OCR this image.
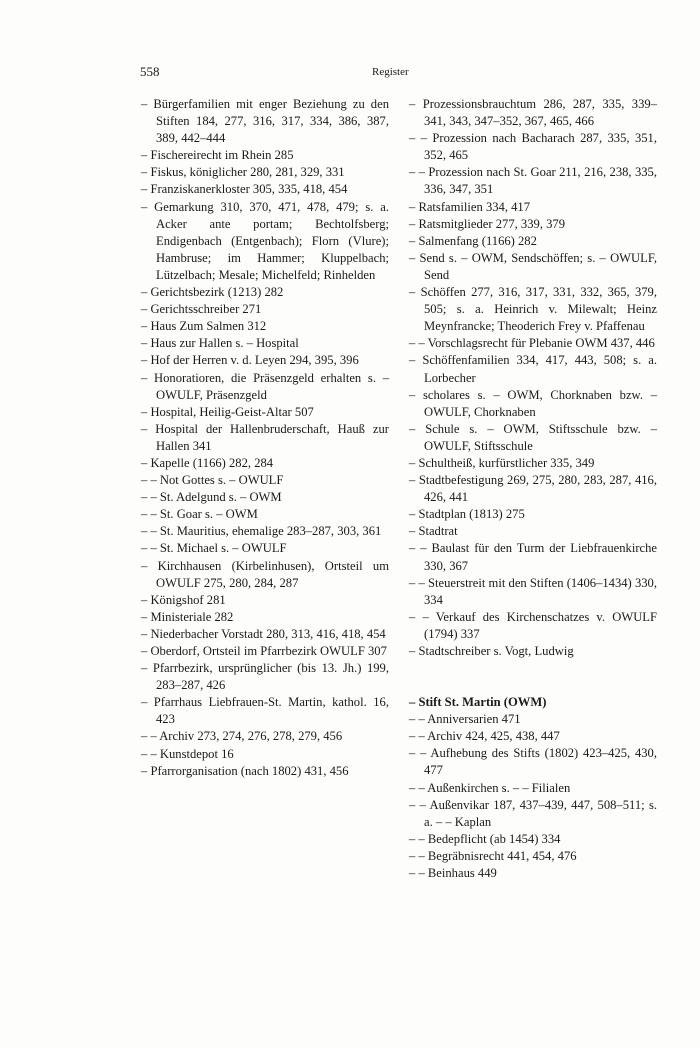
558	Register

– Bürgerfamilien mit enger Beziehung zu den Stiften 184, 277, 316, 317, 334, 386, 387, 389, 442–444

– Fischereirecht im Rhein 285

– Fiskus, königlicher 280, 281, 329, 331

– Franziskanerkloster 305, 335, 418, 454

– Gemarkung 310, 370, 471, 478, 479; s. a. Acker ante portam; Bechtolfsberg; Endigenbach (Entgenbach); Florn (Vlure); Hambruse; im Hammer; Kluppelbach; Lützelbach; Mesale; Michelfeld; Rinhelden

– Gerichtsbezirk (1213) 282

– Gerichtsschreiber 271

– Haus Zum Salmen 312

– Haus zur Hallen s. – Hospital

– Hof der Herren v. d. Leyen 294, 395, 396

– Honoratioren, die Präsenzgeld erhalten s. – OWULF, Präsenzgeld

– Hospital, Heilig-Geist-Altar 507

– Hospital der Hallenbruderschaft, Hauß zur Hallen 341

– Kapelle (1166) 282, 284

– – Not Gottes s. – OWULF

– – St. Adelgund s. – OWM

– – St. Goar s. – OWM

– – St. Mauritius, ehemalige 283–287, 303, 361

– – St. Michael s. – OWULF

– Kirchhausen (Kirbelinhusen), Ortsteil um OWULF 275, 280, 284, 287

– Königshof 281

– Ministeriale 282

– Niederbacher Vorstadt 280, 313, 416, 418, 454

– Oberdorf, Ortsteil im Pfarrbezirk OWULF 307

– Pfarrbezirk, ursprünglicher (bis 13. Jh.) 199, 283–287, 426

– Pfarrhaus Liebfrauen-St. Martin, kathol. 16, 423

– – Archiv 273, 274, 276, 278, 279, 456

– – Kunstdepot 16

– Pfarrorganisation (nach 1802) 431, 456

– Prozessionsbrauchtum 286, 287, 335, 339–341, 343, 347–352, 367, 465, 466

– – Prozession nach Bacharach 287, 335, 351, 352, 465

– – Prozession nach St. Goar 211, 216, 238, 335, 336, 347, 351

– Ratsfamilien 334, 417

– Ratsmitglieder 277, 339, 379

– Salmenfang (1166) 282

– Send s. – OWM, Sendschöffen; s. – OWULF, Send

– Schöffen 277, 316, 317, 331, 332, 365, 379, 505; s. a. Heinrich v. Milewalt; Heinz Meynfrancke; Theoderich Frey v. Pfaffenau

– – Vorschlagsrecht für Plebanie OWM 437, 446

– Schöffenfamilien 334, 417, 443, 508; s. a. Lorbecher

– scholares s. – OWM, Chorknaben bzw. – OWULF, Chorknaben

– Schule s. – OWM, Stiftsschule bzw. – OWULF, Stiftsschule

– Schultheiß, kurfürstlicher 335, 349

– Stadtbefestigung 269, 275, 280, 283, 287, 416, 426, 441

– Stadtplan (1813) 275

– Stadtrat

– – Baulast für den Turm der Liebfrauenkirche 330, 367

– – Steuerstreit mit den Stiften (1406–1434) 330, 334

– – Verkauf des Kirchenschatzes v. OWULF (1794) 337

– Stadtschreiber s. Vogt, Ludwig

– Stift St. Martin (OWM)

– – Anniversarien 471

– – Archiv 424, 425, 438, 447

– – Aufhebung des Stifts (1802) 423–425, 430, 477

– – Außenkirchen s. – – Filialen

– – Außenvikar 187, 437–439, 447, 508–511; s. a. – – Kaplan

– – Bedepflicht (ab 1454) 334

– – Begräbnisrecht 441, 454, 476

– – Beinhaus 449
